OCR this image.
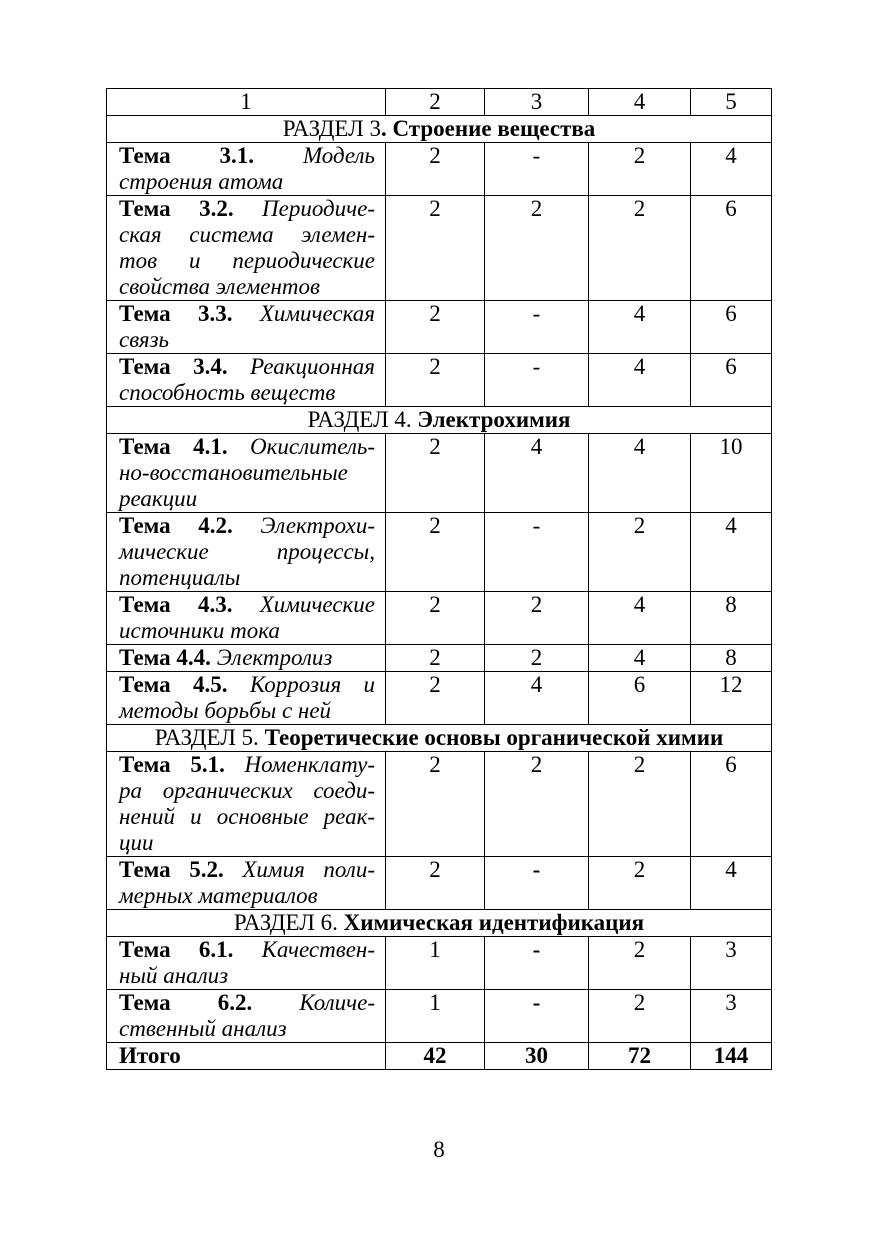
1	2	3	4	5
РАЗДЕЛ 3. Строение вещества				

Тема 3.1. Модель
строения атома	2	-	2	4

Тема 3.2. Периодиче-
ская система элемен-
тов и периодические
свойства элементов	2	2	2	6

Тема 3.3. Химическая
связь	2	-	4	6

Тема 3.4. Реакционная
способность веществ	2	-	4	6
РАЗДЕЛ 4. Электрохимия				

Тема 4.1. Окислитель-
но-восстановительные
реакции	2	4	4	10

Тема 4.2. Электрохи-
мические процессы,
потенциалы	2	-	2	4

Тема 4.3. Химические
источники тока	2	2	4	8

Тема 4.4. Электролиз	2	2	4	8

Тема 4.5. Коррозия и
методы борьбы с ней	2	4	6	12
РАЗДЕЛ 5. Теоретические основы органической химии				

Тема 5.1. Номенклату-
ра органических соеди-
нений и основные реак-
ции	2	2	2	6

Тема 5.2. Химия поли-
мерных материалов	2	-	2	4
РАЗДЕЛ 6. Химическая идентификация				

Тема 6.1. Качествен-
ный анализ	1	-	2	3

Тема 6.2. Количе-
ственный анализ	1	-	2	3
Итого	42	30	72	144
8
